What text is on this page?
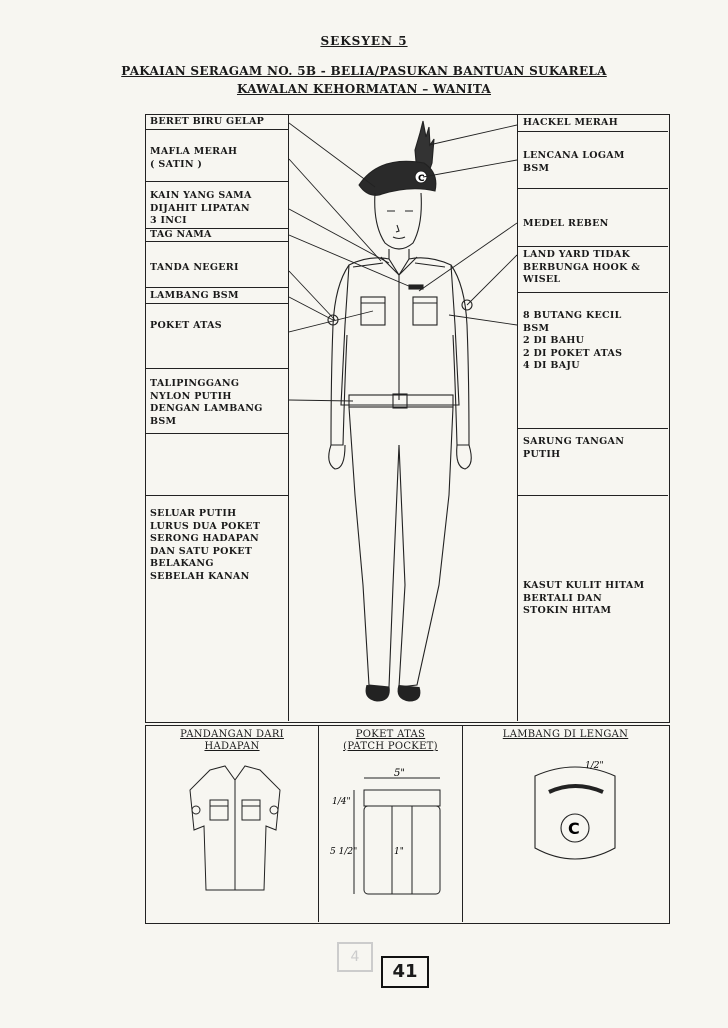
SEKSYEN 5
PAKAIAN SERAGAM NO. 5B - BELIA/PASUKAN BANTUAN SUKARELA
KAWALAN KEHORMATAN – WANITA
BERET BIRU GELAP
MAFLA MERAH
( SATIN )
KAIN YANG SAMA
DIJAHIT LIPATAN
3 INCI
TAG NAMA
TANDA NEGERI
LAMBANG BSM
POKET ATAS
TALIPINGGANG
NYLON PUTIH
DENGAN LAMBANG
BSM
SELUAR PUTIH
LURUS DUA POKET
SERONG HADAPAN
DAN SATU POKET
BELAKANG
SEBELAH KANAN
HACKEL MERAH
LENCANA LOGAM
BSM
MEDEL REBEN
LAND YARD TIDAK
BERBUNGA HOOK &
WISEL
8 BUTANG KECIL
BSM
2 DI BAHU
2 DI POKET ATAS
4 DI BAJU
SARUNG TANGAN
PUTIH
KASUT KULIT HITAM
BERTALI DAN
STOKIN HITAM
C
PANDANGAN DARI
HADAPAN
POKET ATAS
(PATCH POCKET)
LAMBANG DI LENGAN
5"
1/4"
5 1/2"	1"
1/2"
C
4
41
